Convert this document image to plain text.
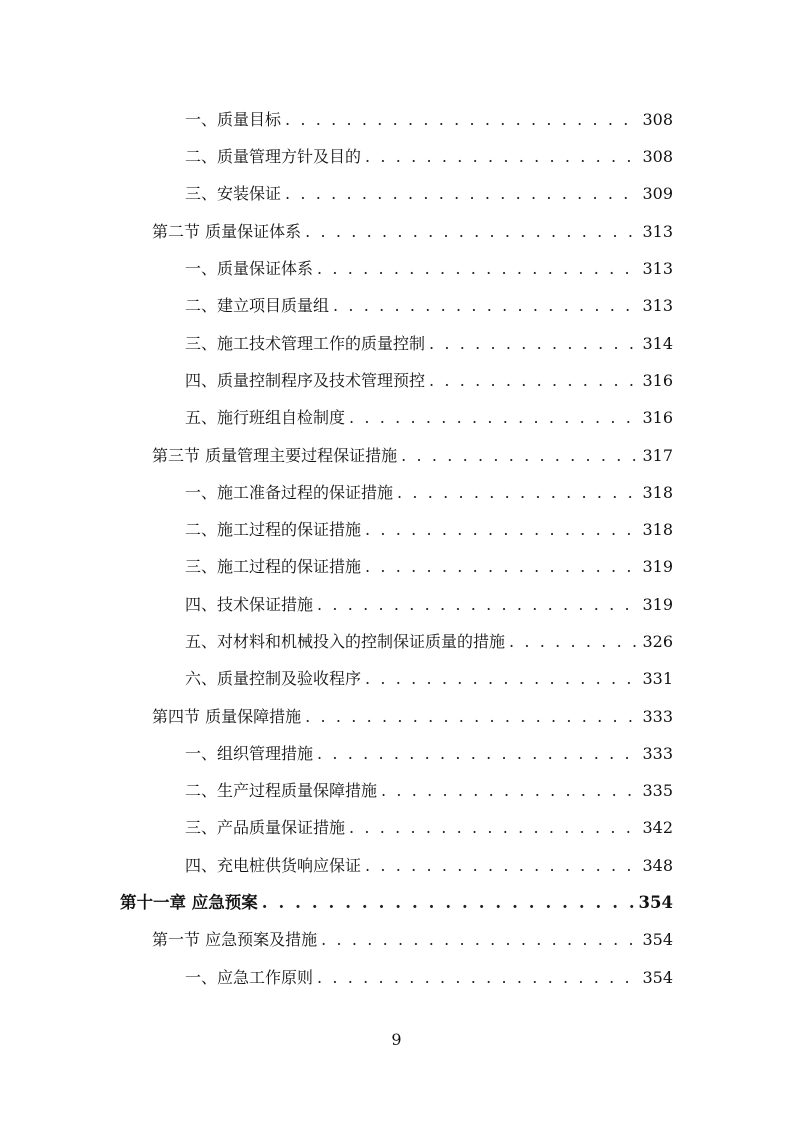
一、质量目标 . . .	308
二、质量管理方针及目的 . . .	308
三、安装保证 . . .	309
第二节 质量保证体系 . . .	313
一、质量保证体系 . . .	313
二、建立项目质量组 . . .	313
三、施工技术管理工作的质量控制 . . .	314
四、质量控制程序及技术管理预控 . . .	316
五、施行班组自检制度 . . .	316
第三节 质量管理主要过程保证措施 . . .	317
一、施工准备过程的保证措施 . . .	318
二、施工过程的保证措施 . . .	318
三、施工过程的保证措施 . . .	319
四、技术保证措施 . . .	319
五、对材料和机械投入的控制保证质量的措施 . . .	326
六、质量控制及验收程序 . . .	331
第四节 质量保障措施 . . .	333
一、组织管理措施 . . .	333
二、生产过程质量保障措施 . . .	335
三、产品质量保证措施 . . .	342
四、充电桩供货响应保证 . . .	348
第十一章 应急预案 . . .	354
第一节 应急预案及措施 . . .	354
一、应急工作原则 . . .	354
9
